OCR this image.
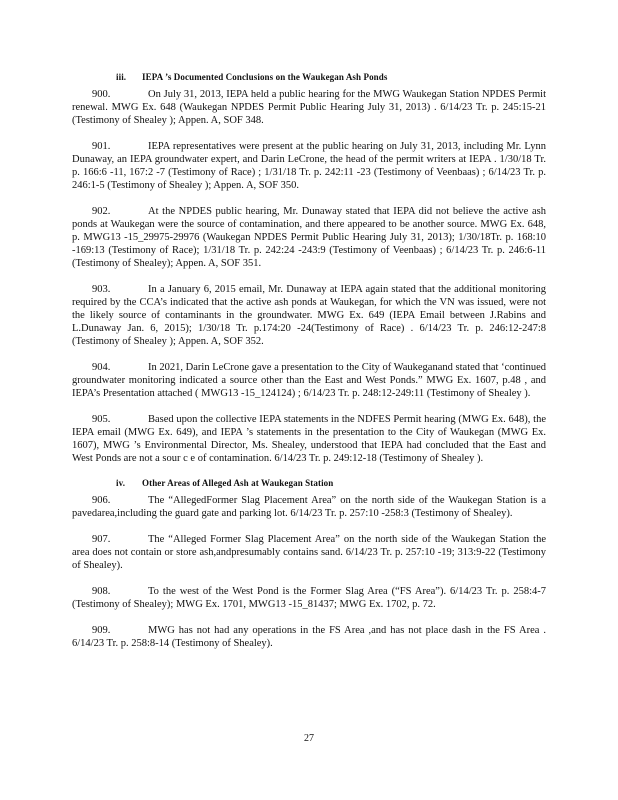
iii. IEPA ’s Documented Conclusions on the Waukegan Ash Ponds

900.	On July 31, 2013, IEPA held a public hearing for the MWG Waukegan Station NPDES Permit renewal. MWG Ex. 648 (Waukegan NPDES Permit Public Hearing July 31, 2013) . 6/14/23 Tr. p. 245:15-21 (Testimony of Shealey ); Appen. A, SOF 348.

901.	IEPA representatives were present at the public hearing on July 31, 2013, including Mr. Lynn Dunaway, an IEPA groundwater expert, and Darin LeCrone, the head of the permit writers at IEPA . 1/30/18 Tr. p. 166:6 -11, 167:2 -7 (Testimony of Race) ; 1/31/18 Tr. p. 242:11 -23 (Testimony of Veenbaas) ; 6/14/23 Tr. p. 246:1-5 (Testimony of Shealey ); Appen. A, SOF 350.

902.	At the NPDES public hearing, Mr. Dunaway stated that IEPA did not believe the active ash ponds at Waukegan were the source of contamination, and there appeared to be another source. MWG Ex. 648, p. MWG13 -15_29975-29976 (Waukegan NPDES Permit Public Hearing July 31, 2013); 1/30/18Tr. p. 168:10 -169:13 (Testimony of Race); 1/31/18 Tr. p. 242:24 -243:9 (Testimony of Veenbaas) ; 6/14/23 Tr. p. 246:6-11 (Testimony of Shealey); Appen. A, SOF 351.

903.	In a January 6, 2015 email, Mr. Dunaway at IEPA again stated that the additional monitoring required by the CCA’s indicated that the active ash ponds at Waukegan, for which the VN was issued, were not the likely source of contaminants in the groundwater. MWG Ex. 649 (IEPA Email between J.Rabins and L.Dunaway Jan. 6, 2015); 1/30/18 Tr. p.174:20 -24(Testimony of Race) . 6/14/23 Tr. p. 246:12-247:8 (Testimony of Shealey ); Appen. A, SOF 352.

904.	In 2021, Darin LeCrone gave a presentation to the City of Waukeganand stated that ‘continued groundwater monitoring indicated a source other than the East and West Ponds.” MWG Ex. 1607, p.48 , and IEPA’s Presentation attached ( MWG13 -15_124124) ; 6/14/23 Tr. p. 248:12-249:11 (Testimony of Shealey ).

905.	Based upon the collective IEPA statements in the NDFES Permit hearing (MWG Ex. 648), the IEPA email (MWG Ex. 649), and IEPA ’s statements in the presentation to the City of Waukegan (MWG Ex. 1607), MWG ’s Environmental Director, Ms. Shealey, understood that IEPA had concluded that the East and West Ponds are not a sour c e of contamination. 6/14/23 Tr. p. 249:12-18 (Testimony of Shealey ).

iv. Other Areas of Alleged Ash at Waukegan Station

906.	The “AllegedFormer Slag Placement Area” on the north side of the Waukegan Station is a pavedarea,including the guard gate and parking lot. 6/14/23 Tr. p. 257:10 -258:3 (Testimony of Shealey).

907.	The “Alleged Former Slag Placement Area” on the north side of the Waukegan Station the area does not contain or store ash,andpresumably contains sand. 6/14/23 Tr. p. 257:10 -19; 313:9-22 (Testimony of Shealey).

908.	To the west of the West Pond is the Former Slag Area (“FS Area”). 6/14/23 Tr. p. 258:4-7 (Testimony of Shealey); MWG Ex. 1701, MWG13 -15_81437; MWG Ex. 1702, p. 72.

909.	MWG has not had any operations in the FS Area ,and has not place dash in the FS Area . 6/14/23 Tr. p. 258:8-14 (Testimony of Shealey).

27
